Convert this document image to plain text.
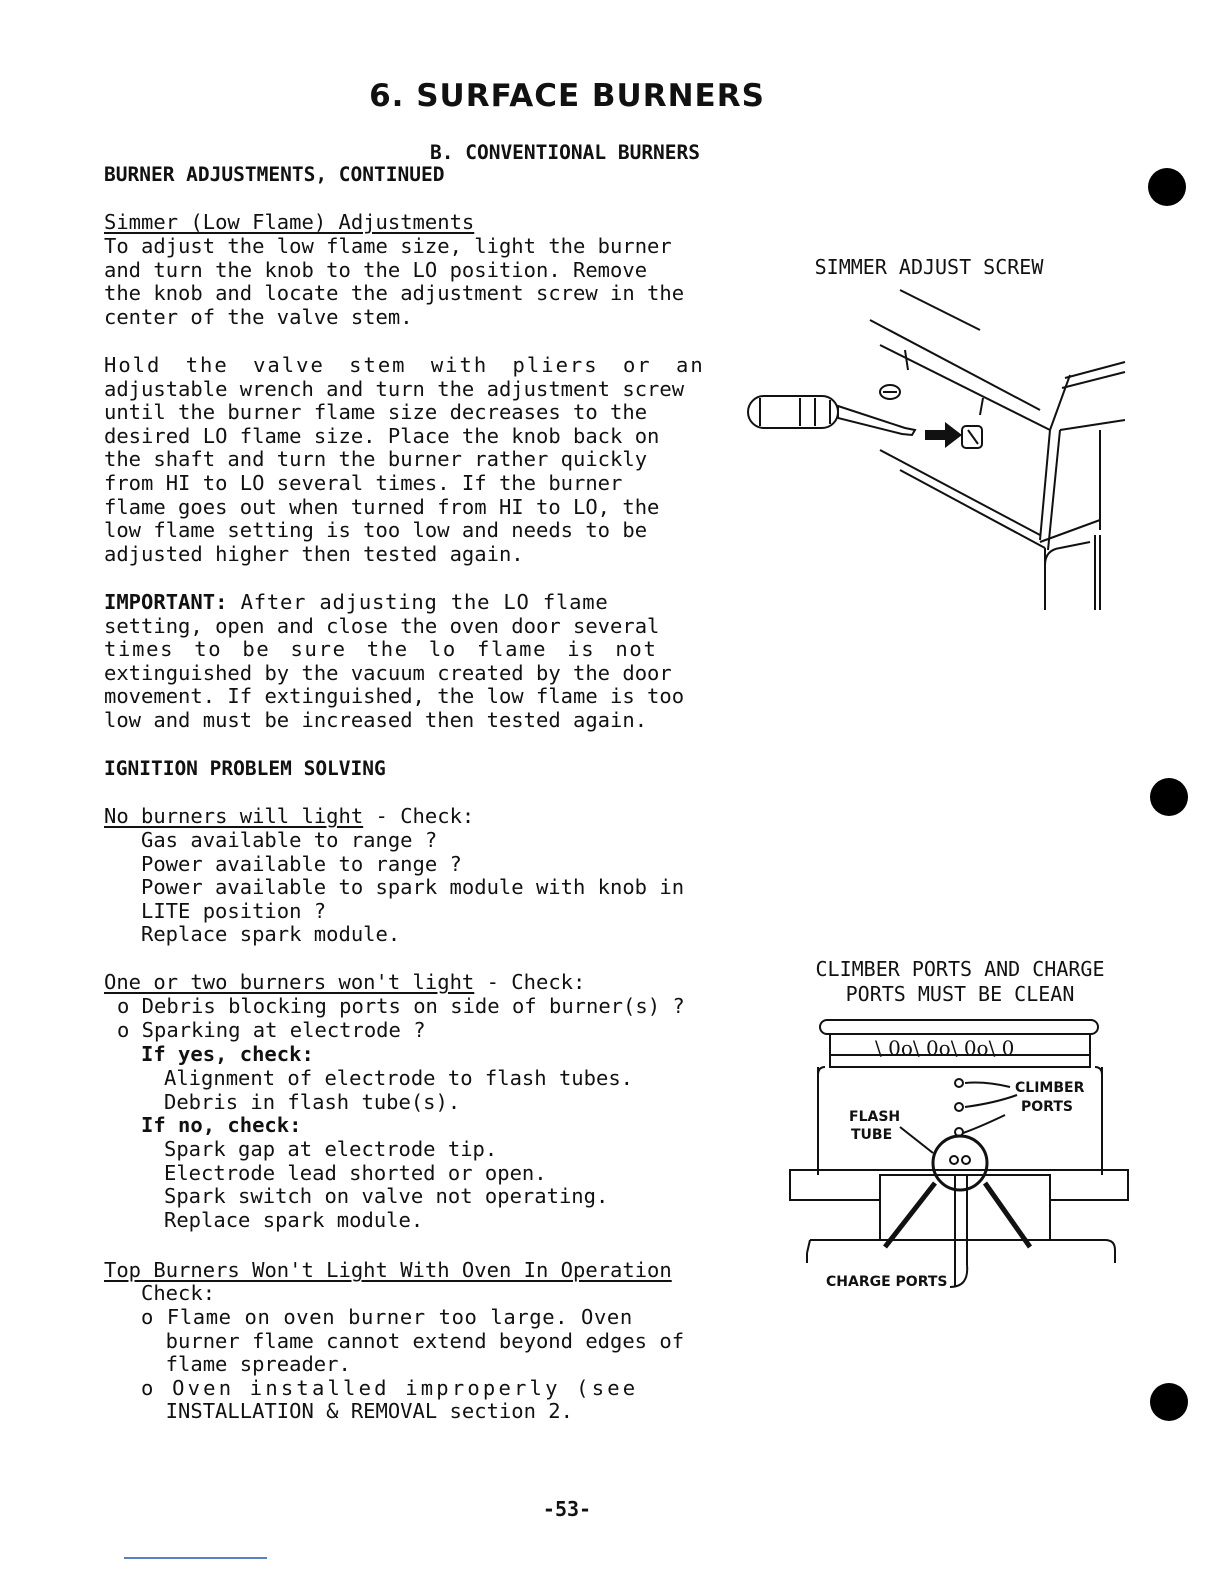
6. SURFACE BURNERS
B. CONVENTIONAL BURNERS
BURNER ADJUSTMENTS, CONTINUED
Simmer (Low Flame) Adjustments
To adjust the low flame size, light the burner
and turn the knob to the LO position. Remove
the knob and locate the adjustment screw in the
center of the valve stem.
Hold the valve stem with pliers or an
adjustable wrench and turn the adjustment screw
until the burner flame size decreases to the
desired LO flame size. Place the knob back on
the shaft and turn the burner rather quickly
from HI to LO several times. If the burner
flame goes out when turned from HI to LO, the
low flame setting is too low and needs to be
adjusted higher then tested again.
IMPORTANT: After adjusting the LO flame
setting, open and close the oven door several
times to be sure the lo flame is not
extinguished by the vacuum created by the door
movement. If extinguished, the low flame is too
low and must be increased then tested again.
IGNITION PROBLEM SOLVING
No burners will light - Check:
Gas available to range ?
Power available to range ?
Power available to spark module with knob in
LITE position ?
Replace spark module.
One or two burners won't light - Check:
o Debris blocking ports on side of burner(s) ?
o Sparking at electrode ?
If yes, check:
Alignment of electrode to flash tubes.
Debris in flash tube(s).
If no, check:
Spark gap at electrode tip.
Electrode lead shorted or open.
Spark switch on valve not operating.
Replace spark module.
Top Burners Won't Light With Oven In Operation
Check:
o Flame on oven burner too large. Oven
burner flame cannot extend beyond edges of
flame spreader.
o Oven installed improperly (see
INSTALLATION & REMOVAL section 2.
SIMMER ADJUST SCREW
CLIMBER PORTS AND CHARGE
PORTS MUST BE CLEAN
\ 0o\ 0o\ 0o\ 0
CLIMBER
PORTS
FLASH
TUBE
CHARGE PORTS
-53-
